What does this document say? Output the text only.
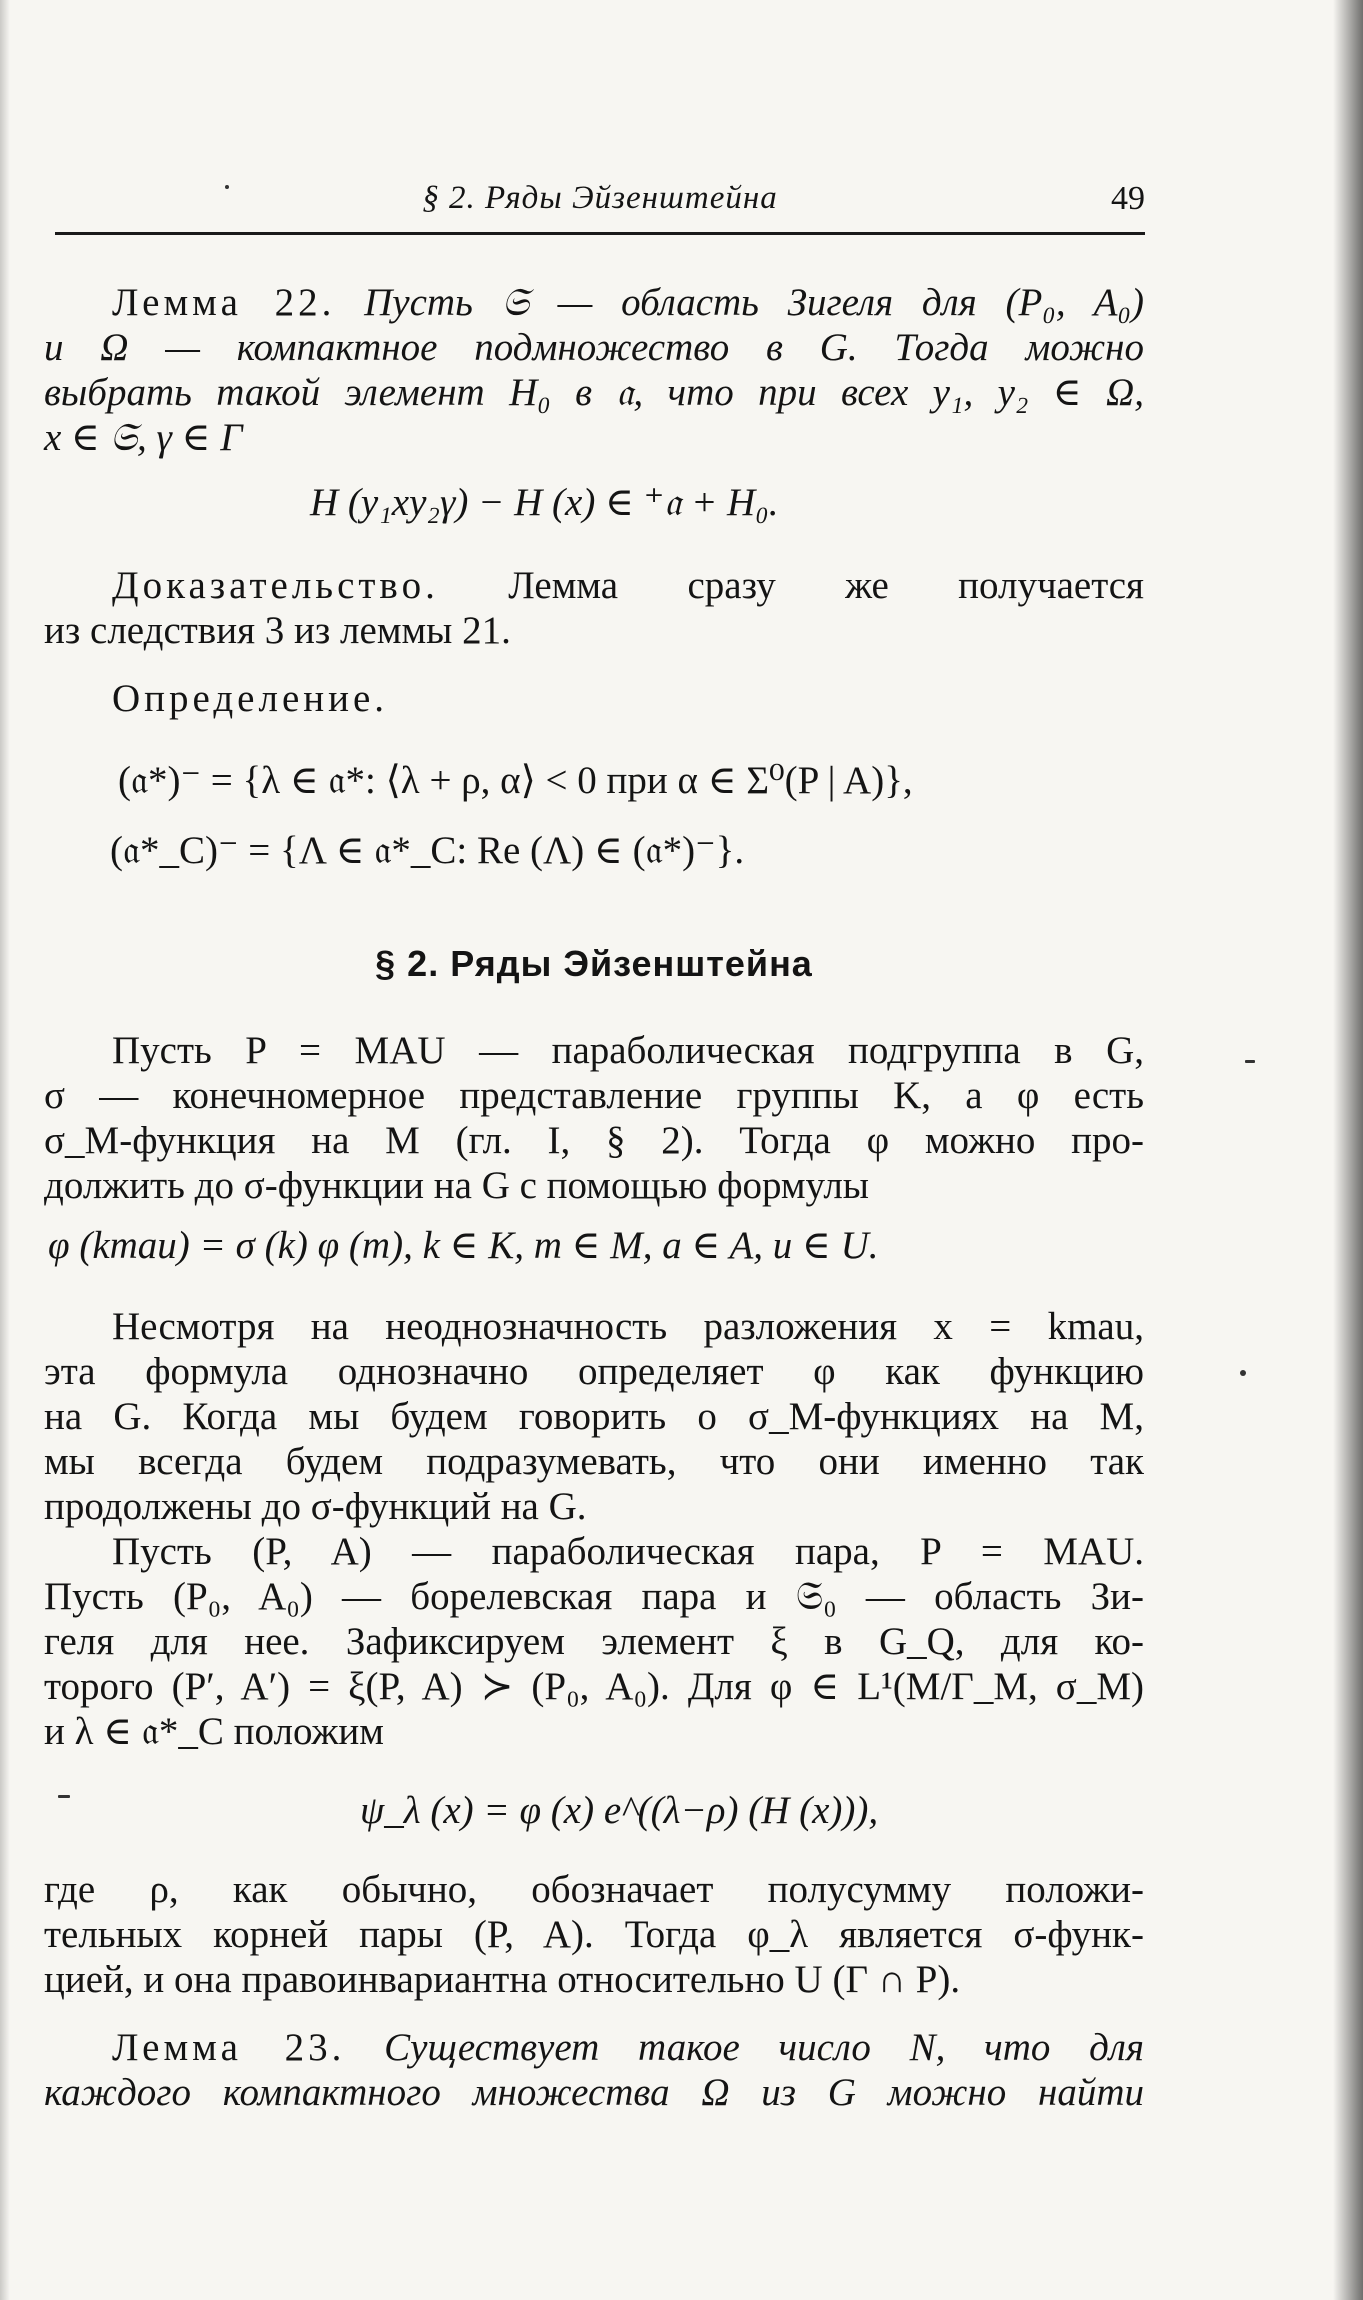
§ 2. Ряды Эйзенштейна	49
Лемма 22. Пусть 𝔖 — область Зигеля для (P₀, A₀)
и Ω — компактное подмножество в G. Тогда можно
выбрать такой элемент H₀ в 𝔞, что при всех y₁, y₂ ∈ Ω,
x ∈ 𝔖, γ ∈ Γ
H (y₁xy₂γ) − H (x) ∈ ⁺𝔞 + H₀.
Доказательство. Лемма сразу же получается
из следствия 3 из леммы 21.
Определение.
(𝔞*)⁻ = {λ ∈ 𝔞*: ⟨λ + ρ, α⟩ < 0 при α ∈ Σ⁰(P | A)},
(𝔞*_C)⁻ = {Λ ∈ 𝔞*_C: Re (Λ) ∈ (𝔞*)⁻}.
§ 2. Ряды Эйзенштейна
Пусть P = MAU — параболическая подгруппа в G,
σ — конечномерное представление группы K, а φ есть
σ_M-функция на M (гл. I, § 2). Тогда φ можно про-
должить до σ-функции на G с помощью формулы
φ (kmau) = σ (k) φ (m), k ∈ K, m ∈ M, a ∈ A, u ∈ U.
Несмотря на неоднозначность разложения x = kmau,
эта формула однозначно определяет φ как функцию
на G. Когда мы будем говорить о σ_M-функциях на M,
мы всегда будем подразумевать, что они именно так
продолжены до σ-функций на G.
Пусть (P, A) — параболическая пара, P = MAU.
Пусть (P₀, A₀) — борелевская пара и 𝔖₀ — область Зи-
геля для нее. Зафиксируем элемент ξ в G_Q, для ко-
торого (P′, A′) = ξ(P, A) ≻ (P₀, A₀). Для φ ∈ L¹(M/Γ_M, σ_M)
и λ ∈ 𝔞*_C положим
ψ_λ (x) = φ (x) e^((λ−ρ) (H (x))),
где ρ, как обычно, обозначает полусумму положи-
тельных корней пары (P, A). Тогда φ_λ является σ-функ-
цией, и она правоинвариантна относительно U (Γ ∩ P).
Лемма 23. Существует такое число N, что для
каждого компактного множества Ω из G можно найти
